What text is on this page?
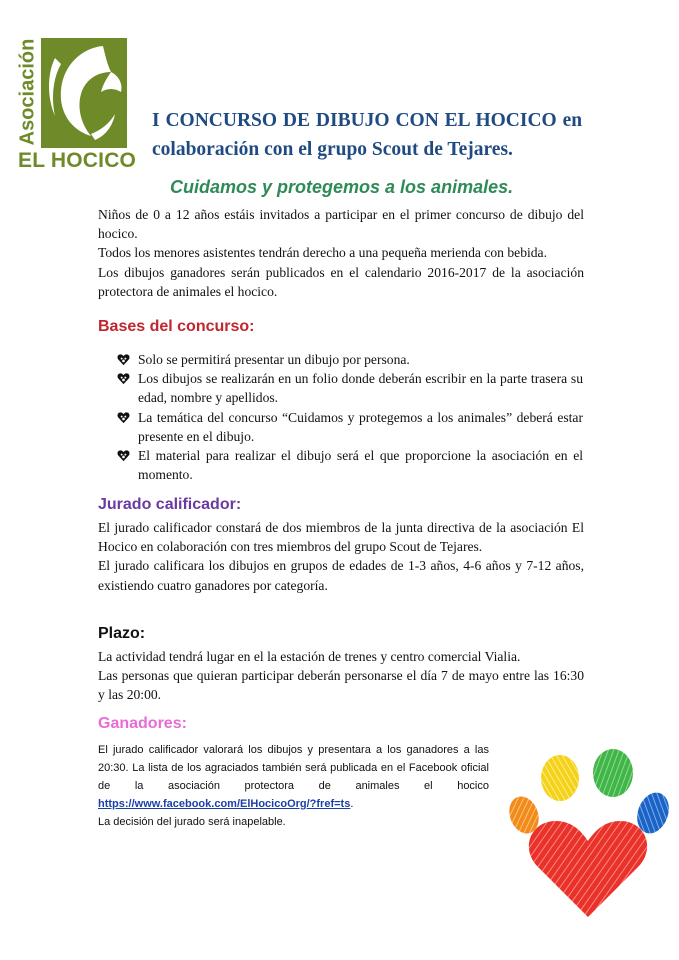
Asociación
EL HOCICO
I CONCURSO DE DIBUJO CON EL HOCICO en
colaboración con el grupo Scout de Tejares.
Cuidamos y protegemos a los animales.

Niños de 0 a 12 años estáis invitados a participar en el primer concurso de dibujo del hocico.

Todos los menores asistentes tendrán derecho a una pequeña merienda con bebida.

Los dibujos ganadores serán publicados en el calendario 2016-2017 de la asociación protectora de animales el hocico.

Bases del concurso:
Solo se permitirá presentar un dibujo por persona.
Los dibujos se realizarán en un folio donde deberán escribir en la parte trasera su edad, nombre y apellidos.
La temática del concurso “Cuidamos y protegemos a los animales” deberá estar presente en el dibujo.
El material para realizar el dibujo será el que proporcione la asociación en el momento.
Jurado calificador:

El jurado calificador constará de dos miembros de la junta directiva de la asociación El Hocico en colaboración con tres miembros del grupo Scout de Tejares.

El jurado calificara los dibujos en grupos de edades de 1-3 años, 4-6 años y 7-12 años, existiendo cuatro ganadores por categoría.

Plazo:

La actividad tendrá lugar en el la estación de trenes y centro comercial Vialia.

Las personas que quieran participar deberán personarse el día 7 de mayo entre las 16:30 y las 20:00.

Ganadores:

El jurado calificador valorará los dibujos y presentara a los ganadores a las 20:30. La lista de los agraciados también será publicada en el Facebook oficial de la asociación protectora de animales el hocico https://www.facebook.com/ElHocicoOrg/?fref=ts.

La decisión del jurado será inapelable.
